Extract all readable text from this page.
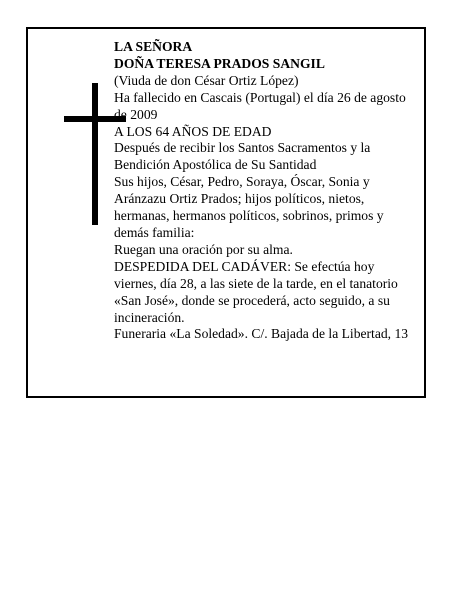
LA SEÑORA

DOÑA TERESA PRADOS SANGIL

(Viuda de don César Ortiz López)

Ha fallecido en Cascais (Portugal) el día 26 de agosto de 2009

A LOS 64 AÑOS DE EDAD

Después de recibir los Santos Sacramentos y la Bendición Apostólica de Su Santidad

Sus hijos, César, Pedro, Soraya, Óscar, Sonia y Aránzazu Ortiz Prados; hijos políticos, nietos, hermanas, hermanos políticos, sobrinos, primos y demás familia:

Ruegan una oración por su alma.

DESPEDIDA DEL CADÁVER: Se efectúa hoy viernes, día 28, a las siete de la tarde, en el tanatorio «San José», donde se procederá, acto seguido, a su incineración.

Funeraria «La Soledad». C/. Bajada de la Libertad, 13
